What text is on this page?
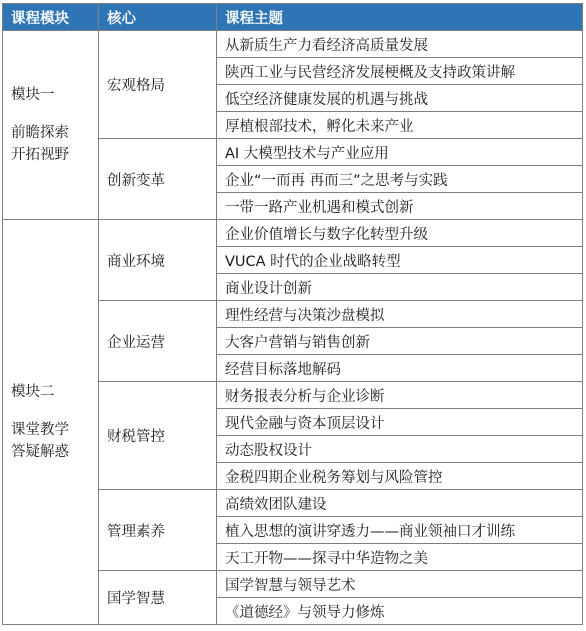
课程模块	核心	课程主题

模块一
前瞻探索
开拓视野	宏观格局	从新质生产力看经济高质量发展
		陕西工业与民营经济发展梗概及支持政策讲解
		低空经济健康发展的机遇与挑战
		厚植根部技术，孵化未来产业
	创新变革	AI 大模型技术与产业应用
		企业“一而再 再而三”之思考与实践
		一带一路产业机遇和模式创新

模块二
课堂教学
答疑解惑	商业环境	企业价值增长与数字化转型升级
		VUCA 时代的企业战略转型
		商业设计创新
	企业运营	理性经营与决策沙盘模拟
		大客户营销与销售创新
		经营目标落地解码
	财税管控	财务报表分析与企业诊断
		现代金融与资本顶层设计
		动态股权设计
		金税四期企业税务筹划与风险管控
	管理素养	高绩效团队建设
		植入思想的演讲穿透力——商业领袖口才训练
		天工开物——探寻中华造物之美
	国学智慧	国学智慧与领导艺术
		《道德经》与领导力修炼
